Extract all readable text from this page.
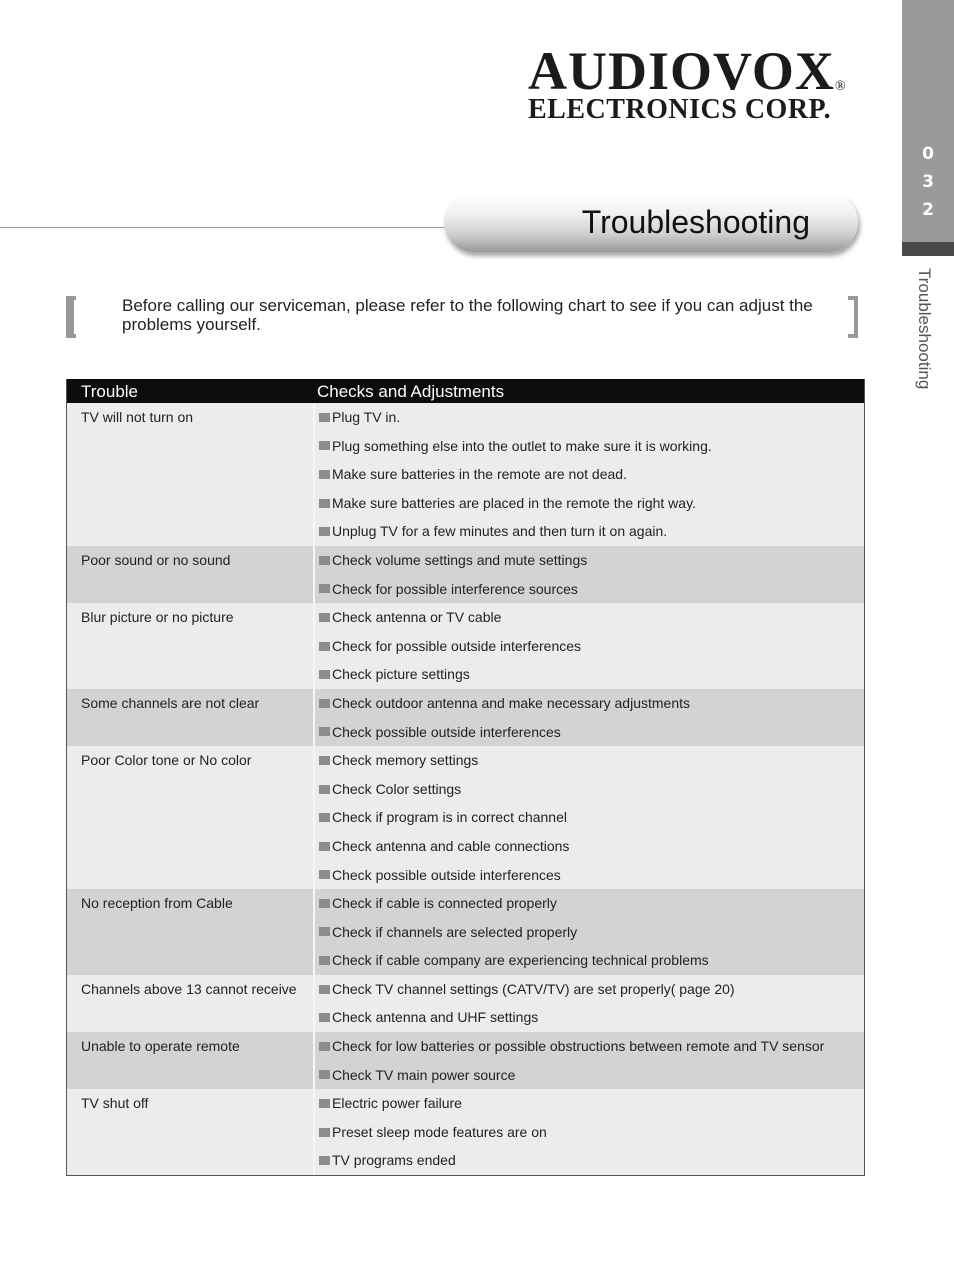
0
3
2
Troubleshooting
AUDIOVOX®
ELECTRONICS CORP.
Troubleshooting
Before calling our serviceman, please refer to the following chart to see if you can adjust the problems yourself.
Trouble	Checks and Adjustments
TV will not turn on	Plug TV in.
Plug something else into the outlet to make sure it is working.
Make sure batteries in the remote are not dead.
Make sure batteries are placed in the remote the right way.
Unplug TV for a few minutes and then turn it on again.
Poor sound or no sound	Check volume settings and mute settings
Check for possible interference sources
Blur picture or no picture	Check antenna or TV cable
Check for possible outside interferences
Check picture settings
Some channels are not clear	Check outdoor antenna and make necessary adjustments
Check possible outside interferences
Poor Color tone or No color	Check memory settings
Check Color settings
Check if program is in correct channel
Check antenna and cable connections
Check possible outside interferences
No reception from Cable	Check if cable is connected properly
Check if channels are selected properly
Check if cable company are experiencing technical problems
Channels above 13 cannot receive	Check TV channel settings (CATV/TV) are set properly( page 20)
Check antenna and UHF settings
Unable to operate remote	Check for low batteries or possible obstructions between remote and TV sensor
Check TV main power source
TV shut off	Electric power failure
Preset sleep mode features are on
TV programs ended
